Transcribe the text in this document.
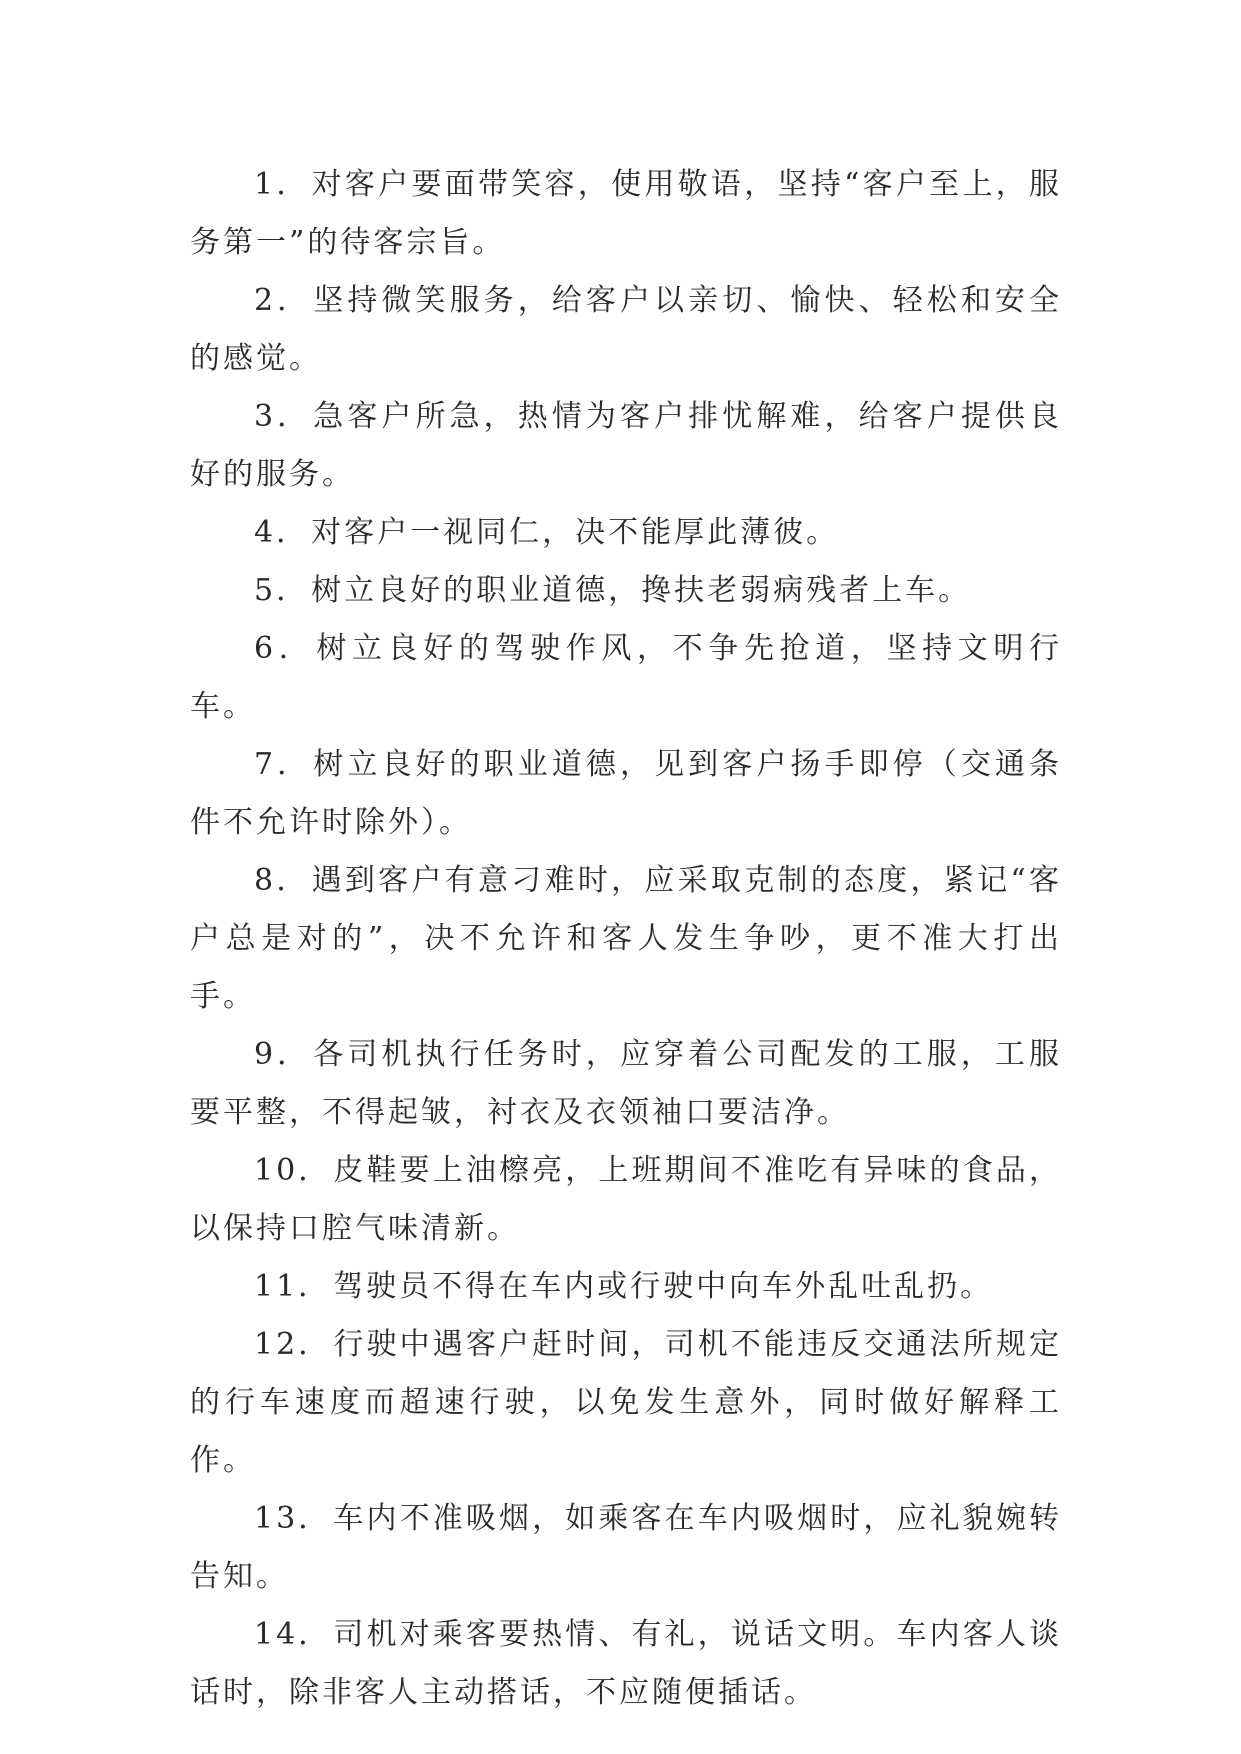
1．对客户要面带笑容，使用敬语，坚持“客户至上，服务第一”的待客宗旨。

2．坚持微笑服务，给客户以亲切、愉快、轻松和安全的感觉。

3．急客户所急，热情为客户排忧解难，给客户提供良好的服务。

4．对客户一视同仁，决不能厚此薄彼。

5．树立良好的职业道德，搀扶老弱病残者上车。

6．树立良好的驾驶作风，不争先抢道，坚持文明行车。

7．树立良好的职业道德，见到客户扬手即停（交通条件不允许时除外）。

8．遇到客户有意刁难时，应采取克制的态度，紧记“客户总是对的”，决不允许和客人发生争吵，更不准大打出手。

9．各司机执行任务时，应穿着公司配发的工服，工服要平整，不得起皱，衬衣及衣领袖口要洁净。

10．皮鞋要上油檫亮，上班期间不准吃有异味的食品，以保持口腔气味清新。

11．驾驶员不得在车内或行驶中向车外乱吐乱扔。

12．行驶中遇客户赶时间，司机不能违反交通法所规定的行车速度而超速行驶，以免发生意外，同时做好解释工作。

13．车内不准吸烟，如乘客在车内吸烟时，应礼貌婉转告知。

14．司机对乘客要热情、有礼，说话文明。车内客人谈话时，除非客人主动搭话，不应随便插话。
